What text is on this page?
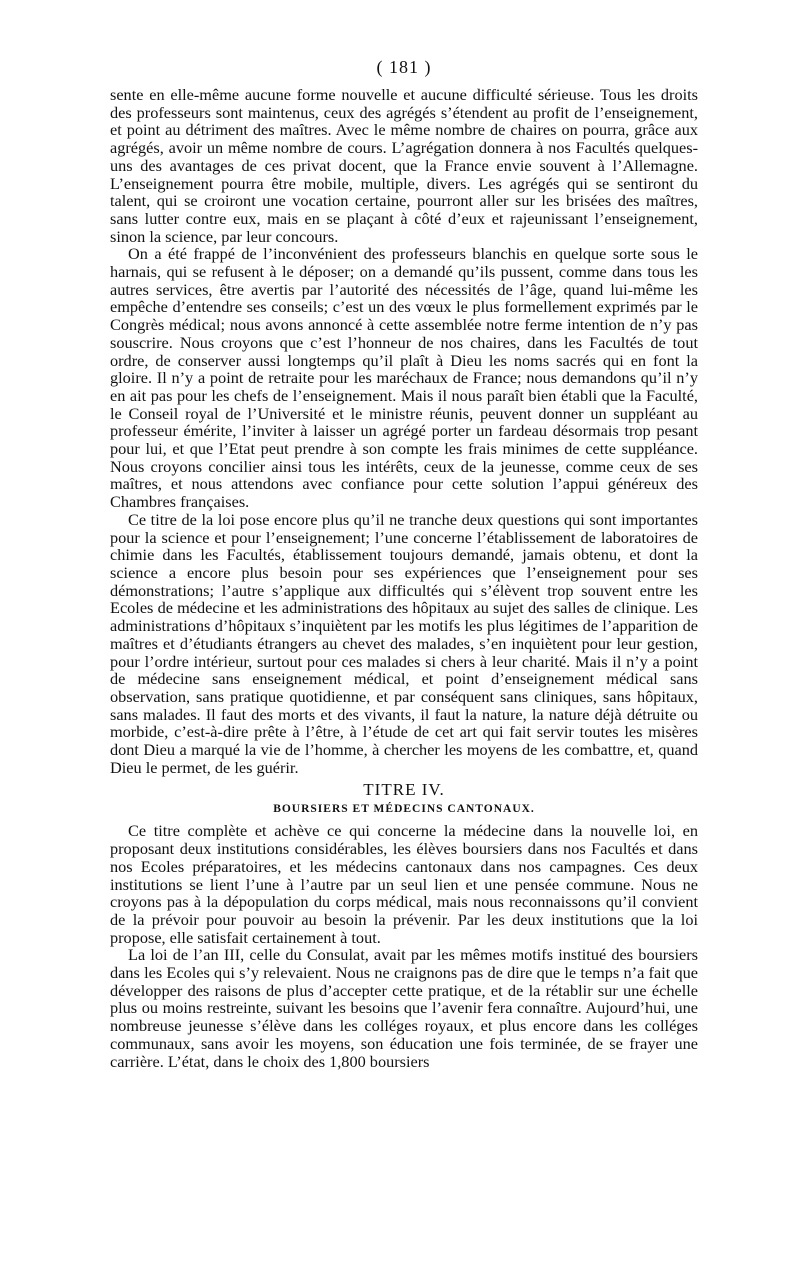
( 181 )

sente en elle-même aucune forme nouvelle et aucune difficulté sérieuse. Tous les droits des professeurs sont maintenus, ceux des agrégés s’étendent au profit de l’enseignement, et point au détriment des maîtres. Avec le même nombre de chaires on pourra, grâce aux agrégés, avoir un même nombre de cours. L’agrégation donnera à nos Facultés quelques-uns des avantages de ces privat docent, que la France envie souvent à l’Allemagne. L’enseignement pourra être mobile, multiple, divers. Les agrégés qui se sentiront du talent, qui se croiront une vocation certaine, pourront aller sur les brisées des maîtres, sans lutter contre eux, mais en se plaçant à côté d’eux et rajeunissant l’enseignement, sinon la science, par leur concours.

On a été frappé de l’inconvénient des professeurs blanchis en quelque sorte sous le harnais, qui se refusent à le déposer; on a demandé qu’ils pussent, comme dans tous les autres services, être avertis par l’autorité des nécessités de l’âge, quand lui-même les empêche d’entendre ses conseils; c’est un des vœux le plus formellement exprimés par le Congrès médical; nous avons annoncé à cette assemblée notre ferme intention de n’y pas souscrire. Nous croyons que c’est l’honneur de nos chaires, dans les Facultés de tout ordre, de conserver aussi longtemps qu’il plaît à Dieu les noms sacrés qui en font la gloire. Il n’y a point de retraite pour les maréchaux de France; nous demandons qu’il n’y en ait pas pour les chefs de l’enseignement. Mais il nous paraît bien établi que la Faculté, le Conseil royal de l’Université et le ministre réunis, peuvent donner un suppléant au professeur émérite, l’inviter à laisser un agrégé porter un fardeau désormais trop pesant pour lui, et que l’Etat peut prendre à son compte les frais minimes de cette suppléance. Nous croyons concilier ainsi tous les intérêts, ceux de la jeunesse, comme ceux de ses maîtres, et nous attendons avec confiance pour cette solution l’appui généreux des Chambres françaises.

Ce titre de la loi pose encore plus qu’il ne tranche deux questions qui sont importantes pour la science et pour l’enseignement; l’une concerne l’établissement de laboratoires de chimie dans les Facultés, établissement toujours demandé, jamais obtenu, et dont la science a encore plus besoin pour ses expériences que l’enseignement pour ses démonstrations; l’autre s’applique aux difficultés qui s’élèvent trop souvent entre les Ecoles de médecine et les administrations des hôpitaux au sujet des salles de clinique. Les administrations d’hôpitaux s’inquiètent par les motifs les plus légitimes de l’apparition de maîtres et d’étudiants étrangers au chevet des malades, s’en inquiètent pour leur gestion, pour l’ordre intérieur, surtout pour ces malades si chers à leur charité. Mais il n’y a point de médecine sans enseignement médical, et point d’enseignement médical sans observation, sans pratique quotidienne, et par conséquent sans cliniques, sans hôpitaux, sans malades. Il faut des morts et des vivants, il faut la nature, la nature déjà détruite ou morbide, c’est-à-dire prête à l’être, à l’étude de cet art qui fait servir toutes les misères dont Dieu a marqué la vie de l’homme, à chercher les moyens de les combattre, et, quand Dieu le permet, de les guérir.

TITRE IV.
BOURSIERS ET MÉDECINS CANTONAUX.

Ce titre complète et achève ce qui concerne la médecine dans la nouvelle loi, en proposant deux institutions considérables, les élèves boursiers dans nos Facultés et dans nos Ecoles préparatoires, et les médecins cantonaux dans nos campagnes. Ces deux institutions se lient l’une à l’autre par un seul lien et une pensée commune. Nous ne croyons pas à la dépopulation du corps médical, mais nous reconnaissons qu’il convient de la prévoir pour pouvoir au besoin la prévenir. Par les deux institutions que la loi propose, elle satisfait certainement à tout.

La loi de l’an III, celle du Consulat, avait par les mêmes motifs institué des boursiers dans les Ecoles qui s’y relevaient. Nous ne craignons pas de dire que le temps n’a fait que développer des raisons de plus d’accepter cette pratique, et de la rétablir sur une échelle plus ou moins restreinte, suivant les besoins que l’avenir fera connaître. Aujourd’hui, une nombreuse jeunesse s’élève dans les colléges royaux, et plus encore dans les colléges communaux, sans avoir les moyens, son éducation une fois terminée, de se frayer une carrière. L’état, dans le choix des 1,800 boursiers
